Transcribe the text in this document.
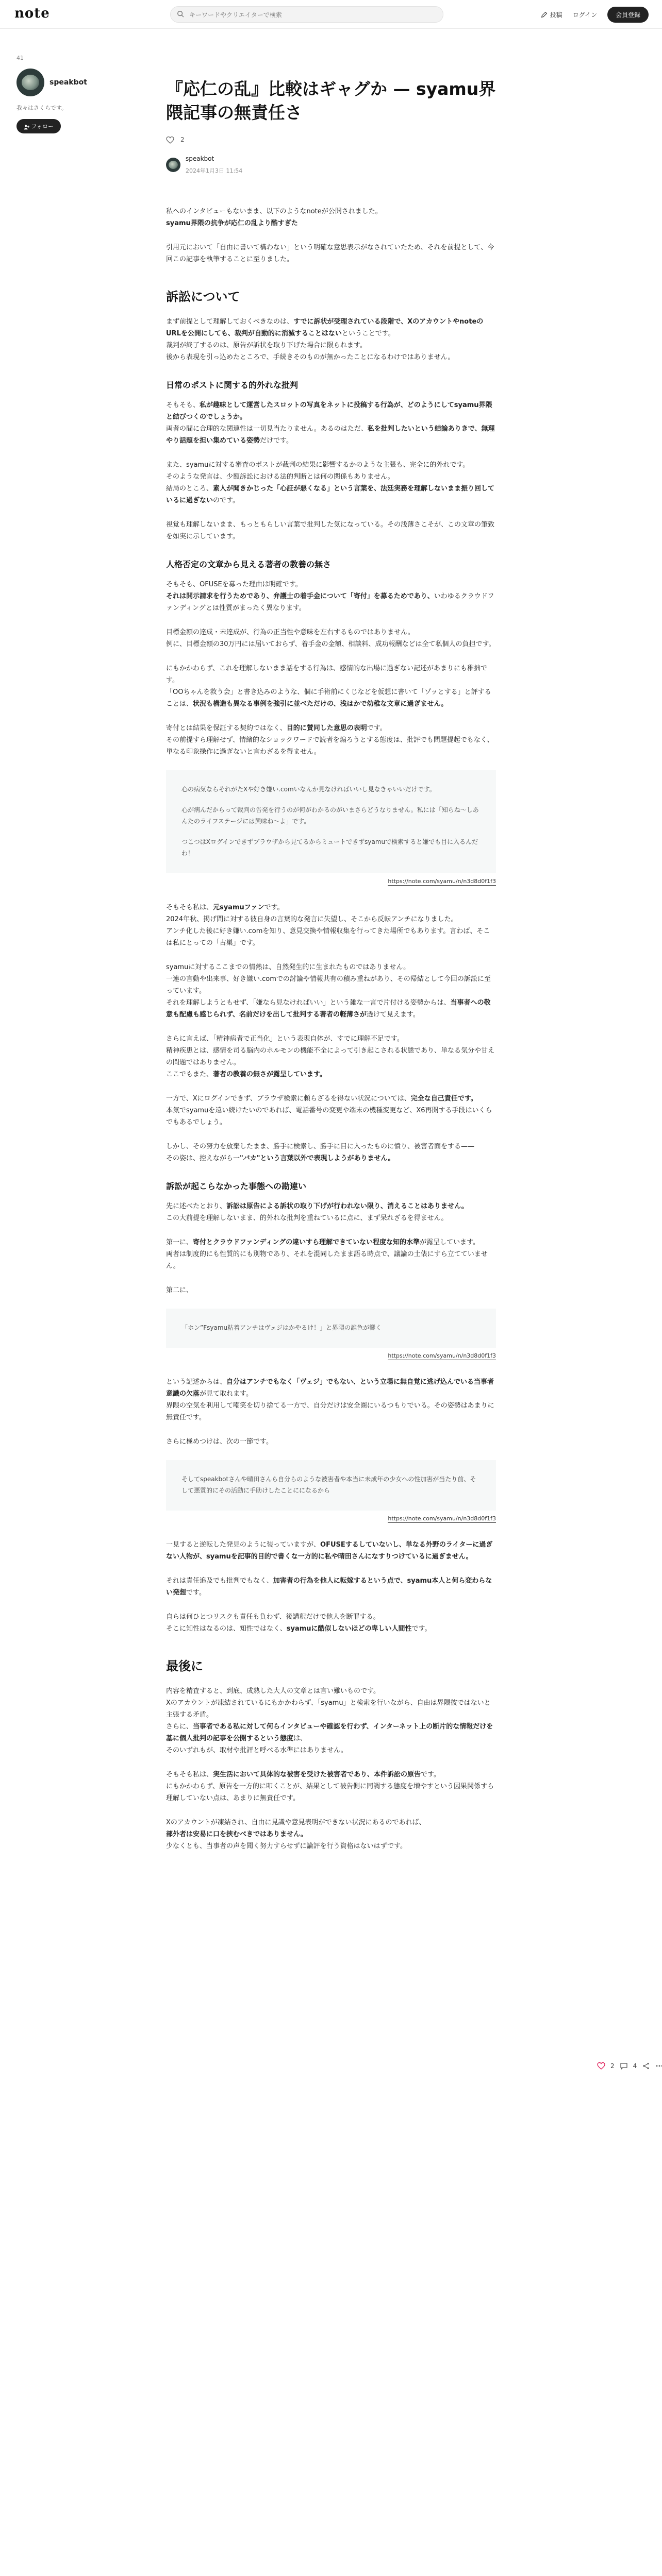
note
キーワードやクリエイターで検索	投稿 ログイン	会員登録
41
speakbot
我々はさくらです。
フォロー
2	4
『応仁の乱』比較はギャグか — syamu界隈記事の無責任さ
2
speakbot
2024年1月3日 11:54

私へのインタビューもないまま、以下のようなnoteが公開されました。
syamu界隈の抗争が応仁の乱より酷すぎた

引用元において「自由に書いて構わない」という明確な意思表示がなされていたため、それを前提として、今回この記事を執筆することに至りました。

訴訟について

まず前提として理解しておくべきなのは、すでに訴状が受理されている段階で、XのアカウントやnoteのURLを公開にしても、裁判が自動的に消滅することはないということです。
裁判が終了するのは、原告が訴状を取り下げた場合に限られます。
後から表現を引っ込めたところで、手続きそのものが無かったことになるわけではありません。

日常のポストに関する的外れな批判

そもそも、私が趣味として運営したスロットの写真をネットに投稿する行為が、どのようにしてsyamu界隈と結びつくのでしょうか。
両者の間に合理的な関連性は一切見当たりません。あるのはただ、私を批判したいという結論ありきで、無理やり話題を担い集めている姿勢だけです。

また、syamuに対する審査のポストが裁判の結果に影響するかのような主張も、完全に的外れです。
そのような発言は、少額訴訟における法的判断とは何の関係もありません。
結局のところ、素人が聞きかじった「心証が悪くなる」という言葉を、法廷実務を理解しないまま振り回しているに過ぎないのです。

視覚も理解しないまま、もっともらしい言葉で批判した気になっている。その浅薄さこそが、この文章の筆致を如実に示しています。

人格否定の文章から見える著者の教養の無さ

そもそも、OFUSEを募った理由は明確です。
それは開示請求を行うためであり、弁護士の着手金について「寄付」を募るためであり、いわゆるクラウドファンディングとは性質がまったく異なります。

目標金額の達成・未達成が、行為の正当性や意味を左右するものではありません。
例に、目標金額の30万円には届いておらず、着手金の金額、相談料、成功報酬などは全て私個人の負担です。

にもかかわらず、これを理解しないまま話をする行為は、感情的な出場に過ぎない記述があまりにも稚拙です。
「OOちゃんを救う会」と書き込みのような、個に手術前にくじなどを仮想に書いて「ゾッとする」と評することは、状況も構造も異なる事例を強引に並べただけの、浅はかで幼稚な文章に過ぎません。

寄付とは結果を保証する契約ではなく、目的に賛同した意思の表明です。
その前提すら理解せず、情緒的なショックワードで読者を煽ろうとする態度は、批評でも問題提起でもなく、単なる印象操作に過ぎないと言わざるを得ません。

心の病気ならそれがたXや好き嫌い.comいなんか見なければいいし見なきゃいいだけです。

心が病んだからって裁判の告発を行うのが何がわかるのがいまさらどうなりません。私には「知らね～しあんたのライフステージには興味ね～よ」です。

つこつはXログインできずブラウザから見てるからミュートできずsyamuで検索すると嫌でも目に入るんだわ！

https://note.com/syamu/n/n3d8d0f1f3

そもそも私は、元syamuファンです。
2024年秋、掲げ間に対する彼自身の言葉的な発言に失望し、そこから反転アンチになりました。
アンチ化した後に好き嫌い.comを知り、意見交換や情報収集を行ってきた場所でもあります。言わば、そこは私にとっての「古巣」です。

syamuに対するここまでの情熱は、自然発生的に生まれたものではありません。
一連の言動や出来事、好き嫌い.comでの討論や情報共有の積み重ねがあり、その帰結として今回の訴訟に至っています。
それを理解しようともせず、「嫌なら見なければいい」という雑な一言で片付ける姿勢からは、当事者への敬意も配慮も感じられず、名前だけを出して批判する著者の軽薄さが透けて見えます。

さらに言えば、「精神病者で正当化」という表現自体が、すでに理解不足です。
精神疾患とは、感情を司る脳内のホルモンの機能不全によって引き起こされる状態であり、単なる気分や甘えの問題ではありません。
ここでもまた、著者の教養の無さが露呈しています。

一方で、Xにログインできず、ブラウザ検索に頼らざるを得ない状況については、完全な自己責任です。
本気でsyamuを遠い続けたいのであれば、電話番号の変更や端末の機種変更など、X6再開する手段はいくらでもあるでしょう。

しかし、その努力を放棄したまま、勝手に検索し、勝手に目に入ったものに憤り、被害者面をする——
その姿は、控えながら一"バカ"という言葉以外で表現しようがありません。

訴訟が起こらなかった事態への勘違い

先に述べたとおり、訴訟は原告による訴状の取り下げが行われない限り、消えることはありません。
この大前提を理解しないまま、的外れな批判を重ねているに点に、まず呆れざるを得ません。

第一に、寄付とクラウドファンディングの違いすら理解できていない程度な知的水準が露呈しています。
両者は制度的にも性質的にも別物であり、それを混同したまま語る時点で、議論の土俵にすら立てていません。

第二に、

「ホン”Fsyamu粘着アンチはヴェジはかやるけ！」と界隈の誰色が響く

https://note.com/syamu/n/n3d8d0f1f3

という記述からは、自分はアンチでもなく「ヴェジ」でもない、という立場に無自覚に逃げ込んでいる当事者意識の欠落が見て取れます。
界隈の空気を利用して嘲笑を切り捨てる一方で、自分だけは安全圏にいるつもりでいる。その姿勢はあまりに無責任です。

さらに極めつけは、次の一節です。

そしてspeakbotさんや晴田さんら自分らのような被害者や本当に未成年の少女への性加害が当たり前、そして悪質的にその活動に手助けしたことにになるから

https://note.com/syamu/n/n3d8d0f1f3

一見すると逆転した発見のように装っていますが、OFUSEするしていないし、単なる外野のライターに過ぎない人物が、syamuを記事的目的で書くな一方的に私や晴田さんになすりつけているに過ぎません。

それは責任追及でも批判でもなく、加害者の行為を他人に転嫁するという点で、syamu本人と何ら変わらない発想です。

自らは何ひとつリスクも責任も負わず、後講釈だけで他人を断罪する。
そこに知性はなるのは、知性ではなく、syamuに酷似しないほどの卑しい人間性です。

最後に

内容を精査すると、到底、成熟した大人の文章とは言い難いものです。
Xのアカウントが凍結されているにもかかわらず、「syamu」と検索を行いながら、自由は界隈彼ではないと主張する矛盾。
さらに、当事者である私に対して何らインタビューや確認を行わず、インターネット上の断片的な情報だけを基に個人批判の記事を公開するという態度は、
そのいずれもが、取材や批評と呼べる水準にはありません。

そもそも私は、実生活において具体的な被害を受けた被害者であり、本件訴訟の原告です。
にもかかわらず、原告を一方的に叩くことが、結果として被告側に同調する態度を増やすという因果関係すら理解していない点は、あまりに無責任です。

Xのアカウントが凍結され、自由に見識や意見表明ができない状況にあるのであれば、
部外者は安易に口を挟むべきではありません。
少なくとも、当事者の声を聞く努力すらせずに論評を行う資格はないはずです。
